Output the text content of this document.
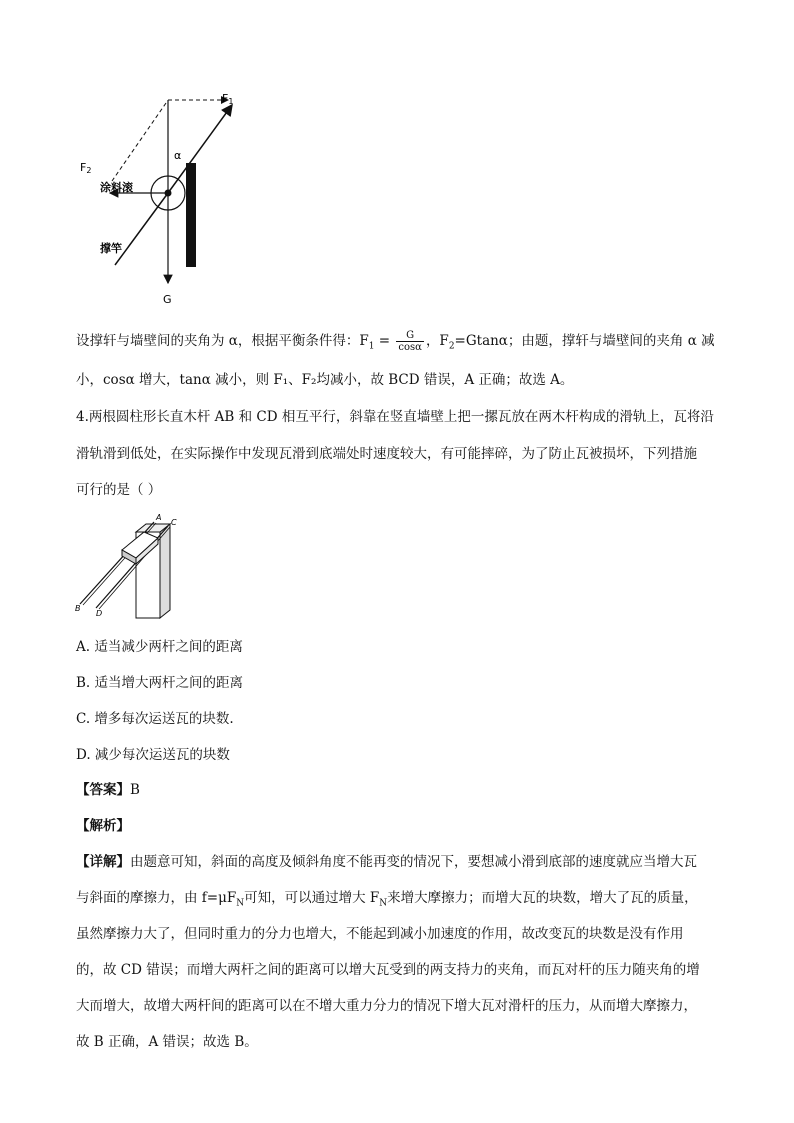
F1
F2
α
涂料滚
撑竿
G
设撑轩与墙壁间的夹角为 α，根据平衡条件得：$F_1 = \frac{G}{\cos\alpha}$ ，$F_2=Gtan\alpha$；由题，撑轩与墙壁间的夹角 α 减
小，cosα 增大，tanα 减小，则 F₁、F₂均减小，故 BCD 错误，A 正确；故选 A。
4.两根圆柱形长直木杆 AB 和 CD 相互平行，斜靠在竖直墙壁上把一摞瓦放在两木杆构成的滑轨上，瓦将沿
滑轨滑到低处，在实际操作中发现瓦滑到底端处时速度较大，有可能摔碎，为了防止瓦被损坏，下列措施
可行的是（ ）
A
C
B
D
A. 适当减少两杆之间的距离
B. 适当增大两杆之间的距离
C. 增多每次运送瓦的块数.
D. 减少每次运送瓦的块数
【答案】B
【解析】
【详解】由题意可知，斜面的高度及倾斜角度不能再变的情况下，要想减小滑到底部的速度就应当增大瓦
与斜面的摩擦力，由 $f=\mu F_N$可知，可以通过增大 $F_N$来增大摩擦力；而增大瓦的块数，增大了瓦的质量，
虽然摩擦力大了，但同时重力的分力也增大，不能起到减小加速度的作用，故改变瓦的块数是没有作用
的，故 CD 错误；而增大两杆之间的距离可以增大瓦受到的两支持力的夹角，而瓦对杆的压力随夹角的增
大而增大，故增大两杆间的距离可以在不增大重力分力的情况下增大瓦对滑杆的压力，从而增大摩擦力，
故 B 正确，A 错误；故选 B。
